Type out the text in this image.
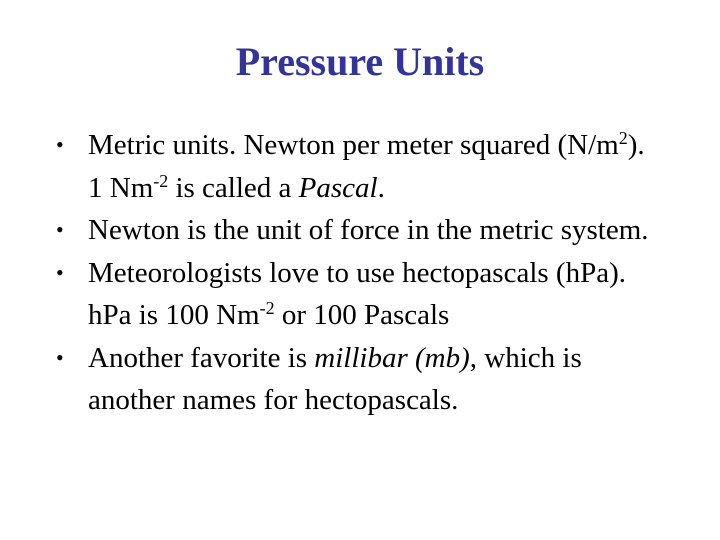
Pressure Units
• Metric units. Newton per meter squared $(N/m^2)$. 1 $Nm^{-2}$ is called a Pascal.
• Newton is the unit of force in the metric system.
• Meteorologists love to use hectopascals (hPa). hPa is 100 $Nm^{-2}$ or 100 Pascals
• Another favorite is millibar (mb), which is another names for hectopascals.
